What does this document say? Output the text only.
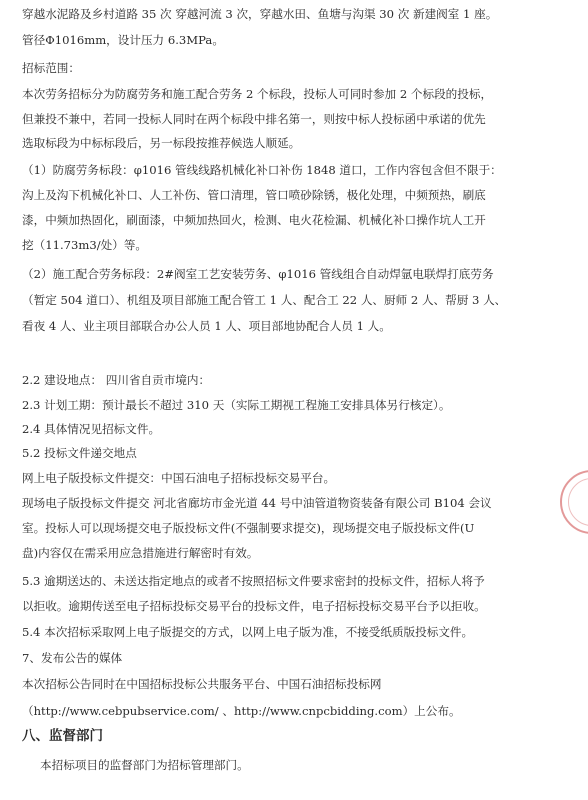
穿越水泥路及乡村道路 35 次 穿越河流 3 次，穿越水田、鱼塘与沟渠 30 次 新建阀室 1 座。
管径Φ1016mm，设计压力 6.3MPa。
招标范围：
本次劳务招标分为防腐劳务和施工配合劳务 2 个标段，投标人可同时参加 2 个标段的投标，
但兼投不兼中，若同一投标人同时在两个标段中排名第一，则按中标人投标函中承诺的优先
选取标段为中标标段后，另一标段按推荐候选人顺延。
（1）防腐劳务标段：φ1016 管线线路机械化补口补伤 1848 道口，工作内容包含但不限于：
沟上及沟下机械化补口、人工补伤、管口清理，管口喷砂除锈，极化处理，中频预热，刷底
漆，中频加热固化，刷面漆，中频加热回火，检测、电火花检漏、机械化补口操作坑人工开
挖（11.73m3/处）等。
（2）施工配合劳务标段：2#阀室工艺安装劳务、φ1016 管线组合自动焊氩电联焊打底劳务
（暂定 504 道口）、机组及项目部施工配合管工 1 人、配合工 22 人、厨师 2 人、帮厨 3 人、
看夜 4 人、业主项目部联合办公人员 1 人、项目部地协配合人员 1 人。
2.2 建设地点： 四川省自贡市境内：
2.3 计划工期：预计最长不超过 310 天（实际工期视工程施工安排具体另行核定）。
2.4 具体情况见招标文件。
5.2 投标文件递交地点
网上电子版投标文件提交：中国石油电子招标投标交易平台。
现场电子版投标文件提交 河北省廊坊市金光道 44 号中油管道物资装备有限公司 B104 会议
室。投标人可以现场提交电子版投标文件(不强制要求提交)，现场提交电子版投标文件(U
盘)内容仅在需采用应急措施进行解密时有效。
5.3 逾期送达的、未送达指定地点的或者不按照招标文件要求密封的投标文件，招标人将予
以拒收。逾期传送至电子招标投标交易平台的投标文件，电子招标投标交易平台予以拒收。
5.4 本次招标采取网上电子版提交的方式，以网上电子版为准，不接受纸质版投标文件。
7、发布公告的媒体
本次招标公告同时在中国招标投标公共服务平台、中国石油招标投标网
（http://www.cebpubservice.com/ 、http://www.cnpcbidding.com）上公布。
八、监督部门
本招标项目的监督部门为招标管理部门。
